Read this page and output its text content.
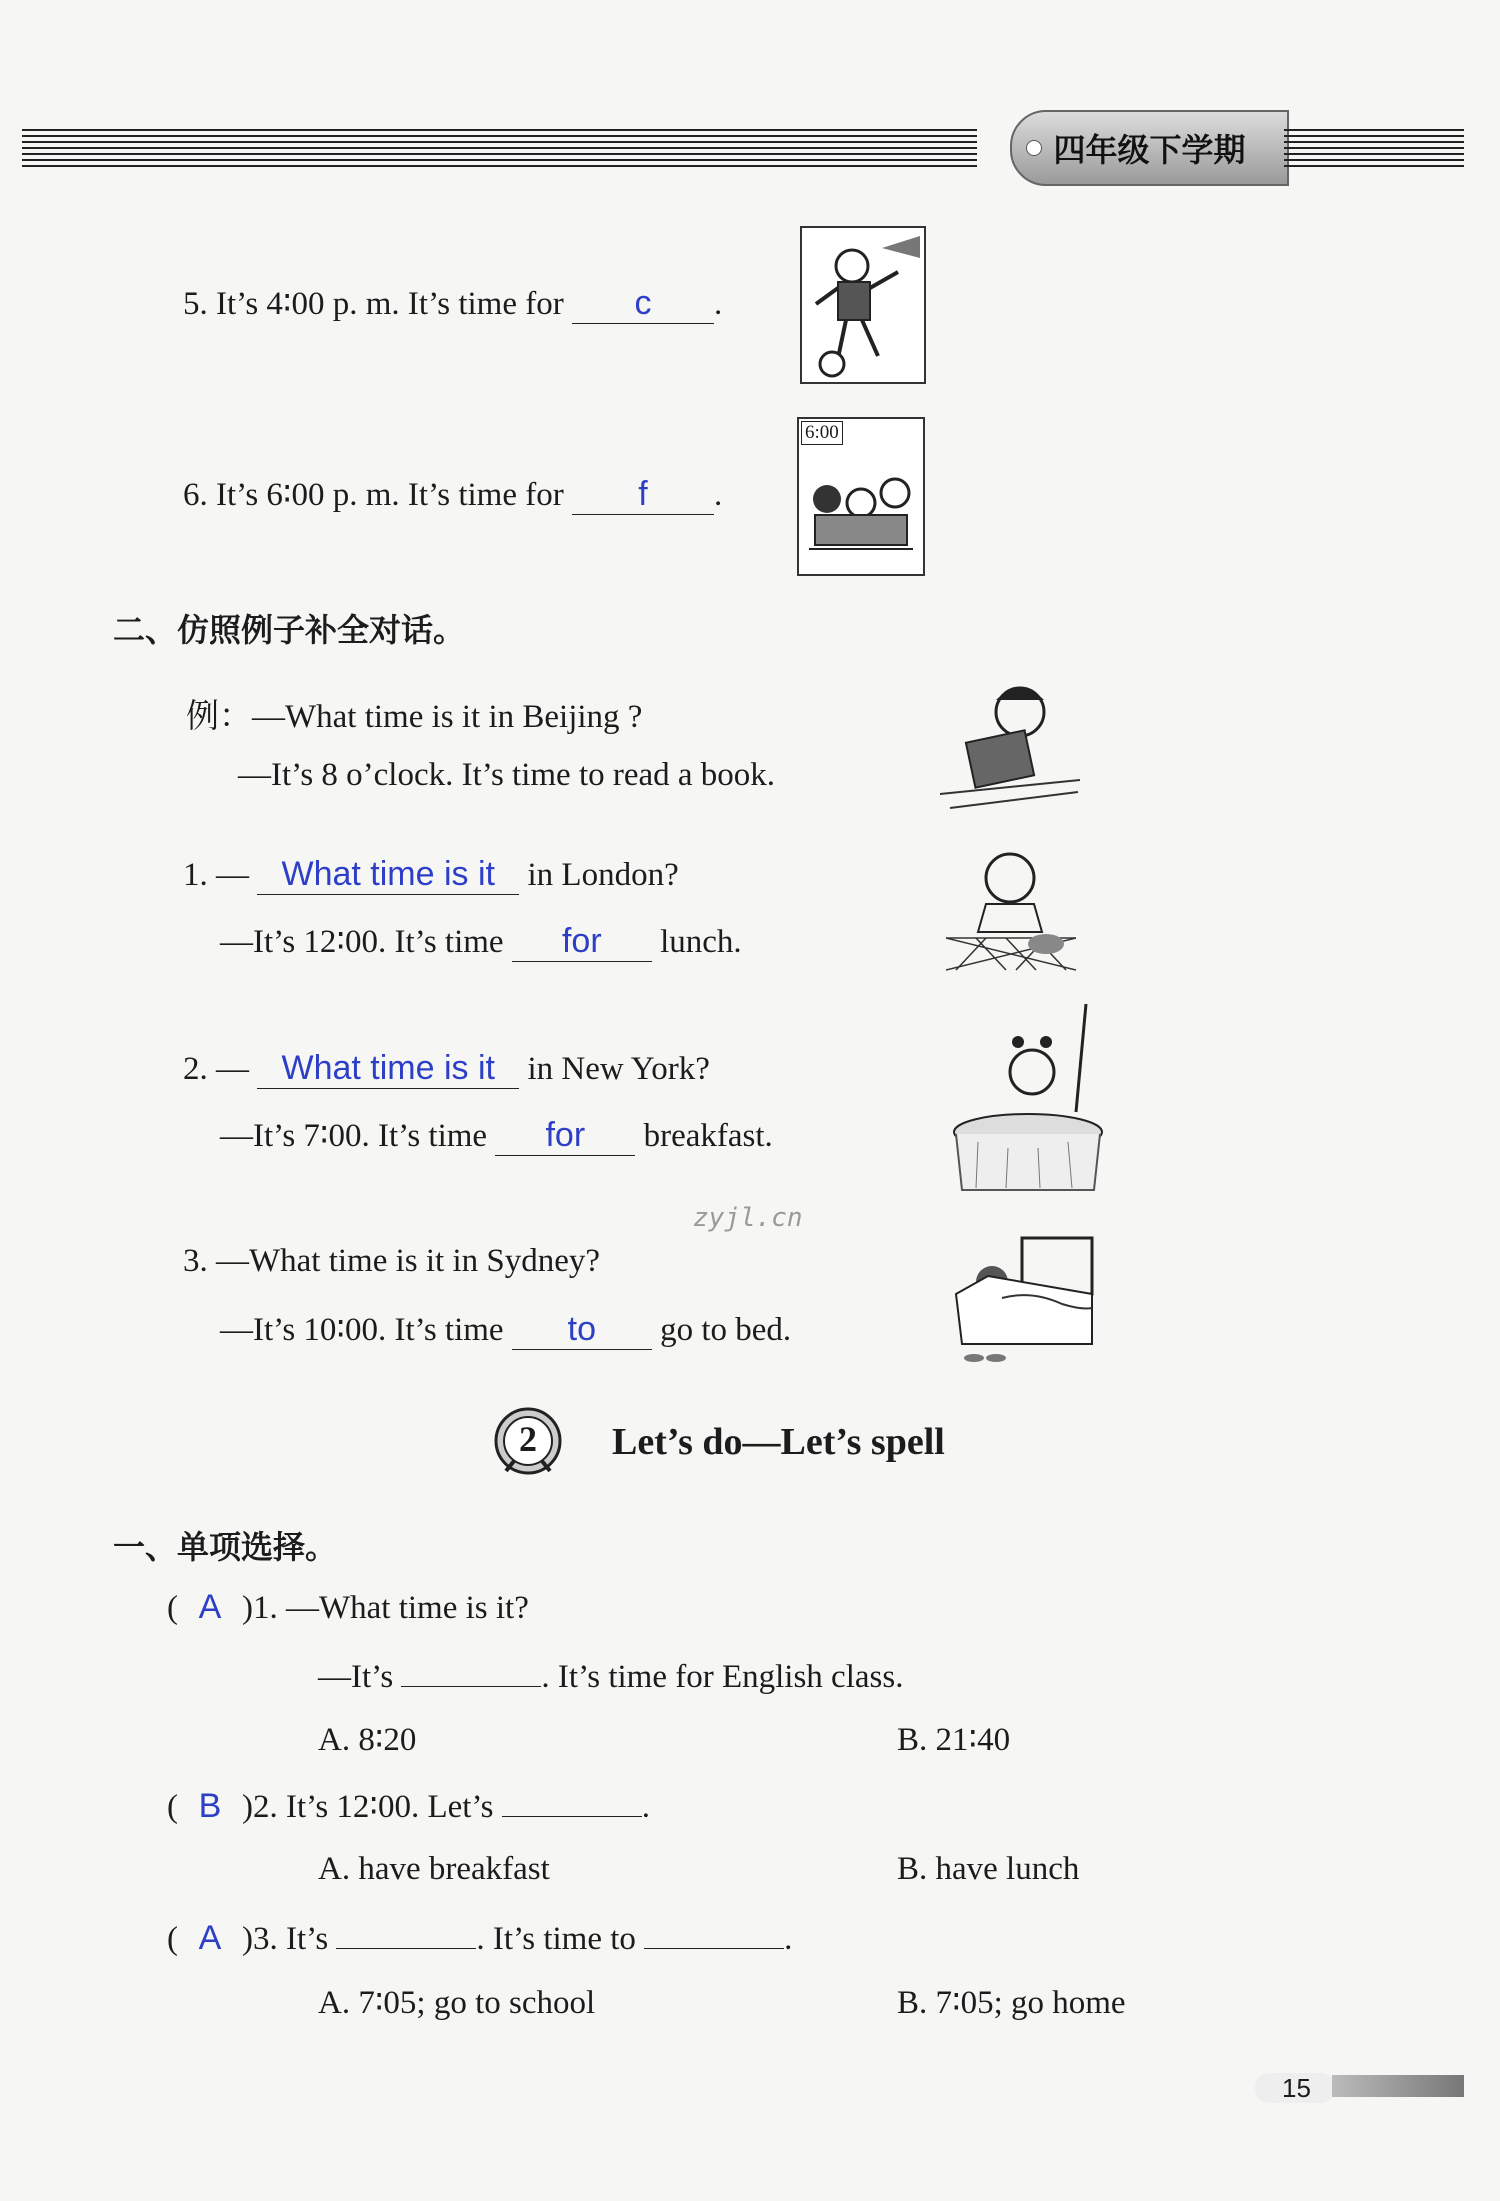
四年级下学期
5. It’s 4∶00 p. m. It’s time for c .
6. It’s 6∶00 p. m. It’s time for f .
6:00
二、仿照例子补全对话。
例：—What time is it in Beijing ?
—It’s 8 o’clock. It’s time to read a book.
1. — What time is it in London?
—It’s 12∶00. It’s time for lunch.
2. — What time is it in New York?
—It’s 7∶00. It’s time for breakfast.
zyjl.cn
3. —What time is it in Sydney?
—It’s 10∶00. It’s time to go to bed.
2	Let’s do—Let’s spell
一、单项选择。
( A )1. —What time is it?
—It’s	. It’s time for English class.
A. 8∶20	B. 21∶40
( B )2. It’s 12∶00. Let’s	.
A. have breakfast	B. have lunch
( A )3. It’s	. It’s time to	.
A. 7∶05; go to school	B. 7∶05; go home
15
